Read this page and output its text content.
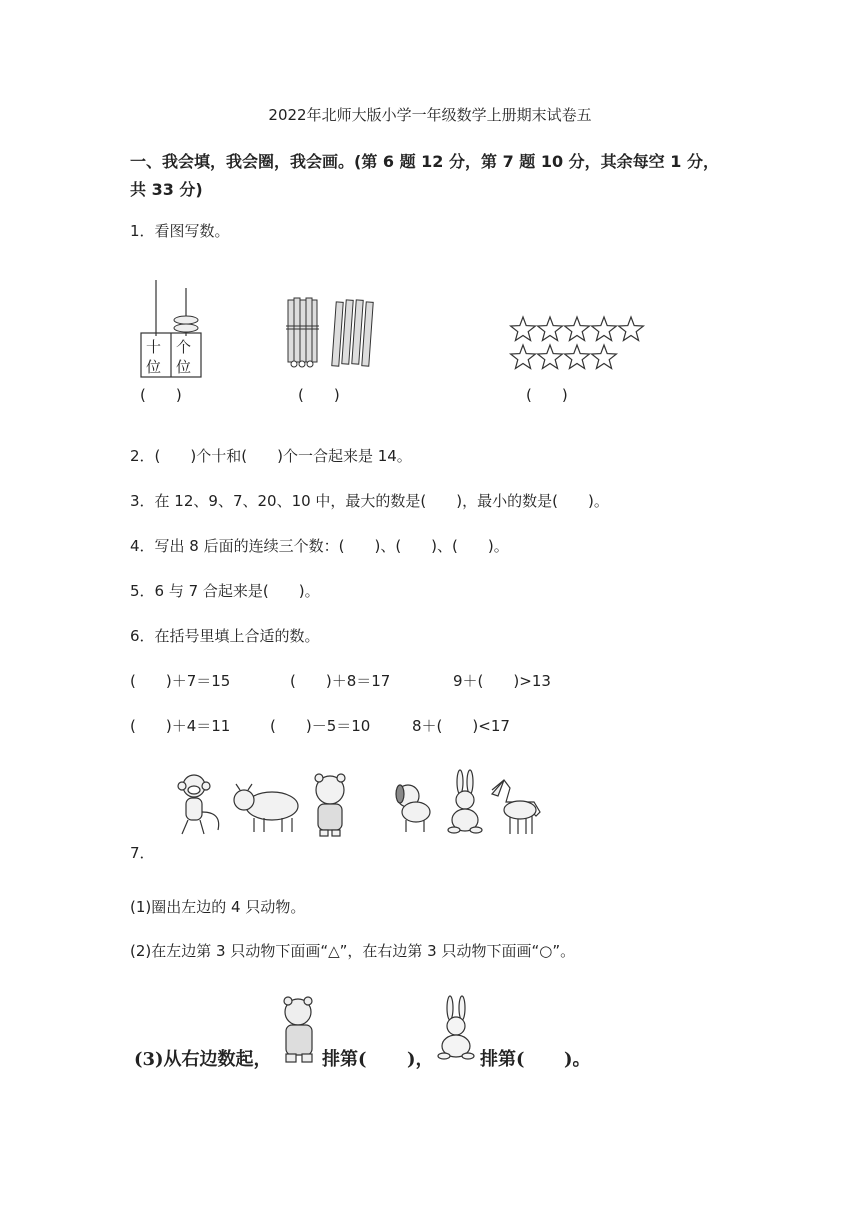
2022年北师大版小学一年级数学上册期末试卷五
一、我会填，我会圈，我会画。(第 6 题 12 分，第 7 题 10 分，其余每空 1 分，
共 33 分)
1．看图写数。
十
位
个
位
(　　)	(　　)	(　　)
2．(　　)个十和(　　)个一合起来是 14。
3．在 12、9、7、20、10 中，最大的数是(　　)，最小的数是(　　)。
4．写出 8 后面的连续三个数：(　　)、(　　)、(　　)。
5．6 与 7 合起来是(　　)。
6．在括号里填上合适的数。
(　　)＋7＝15	(　　)＋8＝17	9＋(　　)>13
(　　)＋4＝11	(　　)－5＝10	8＋(　　)<17
7．
(1)圈出左边的 4 只动物。
(2)在左边第 3 只动物下面画“△”，在右边第 3 只动物下面画“○”。
(3)从右边数起，	排第( )，	排第( )。
